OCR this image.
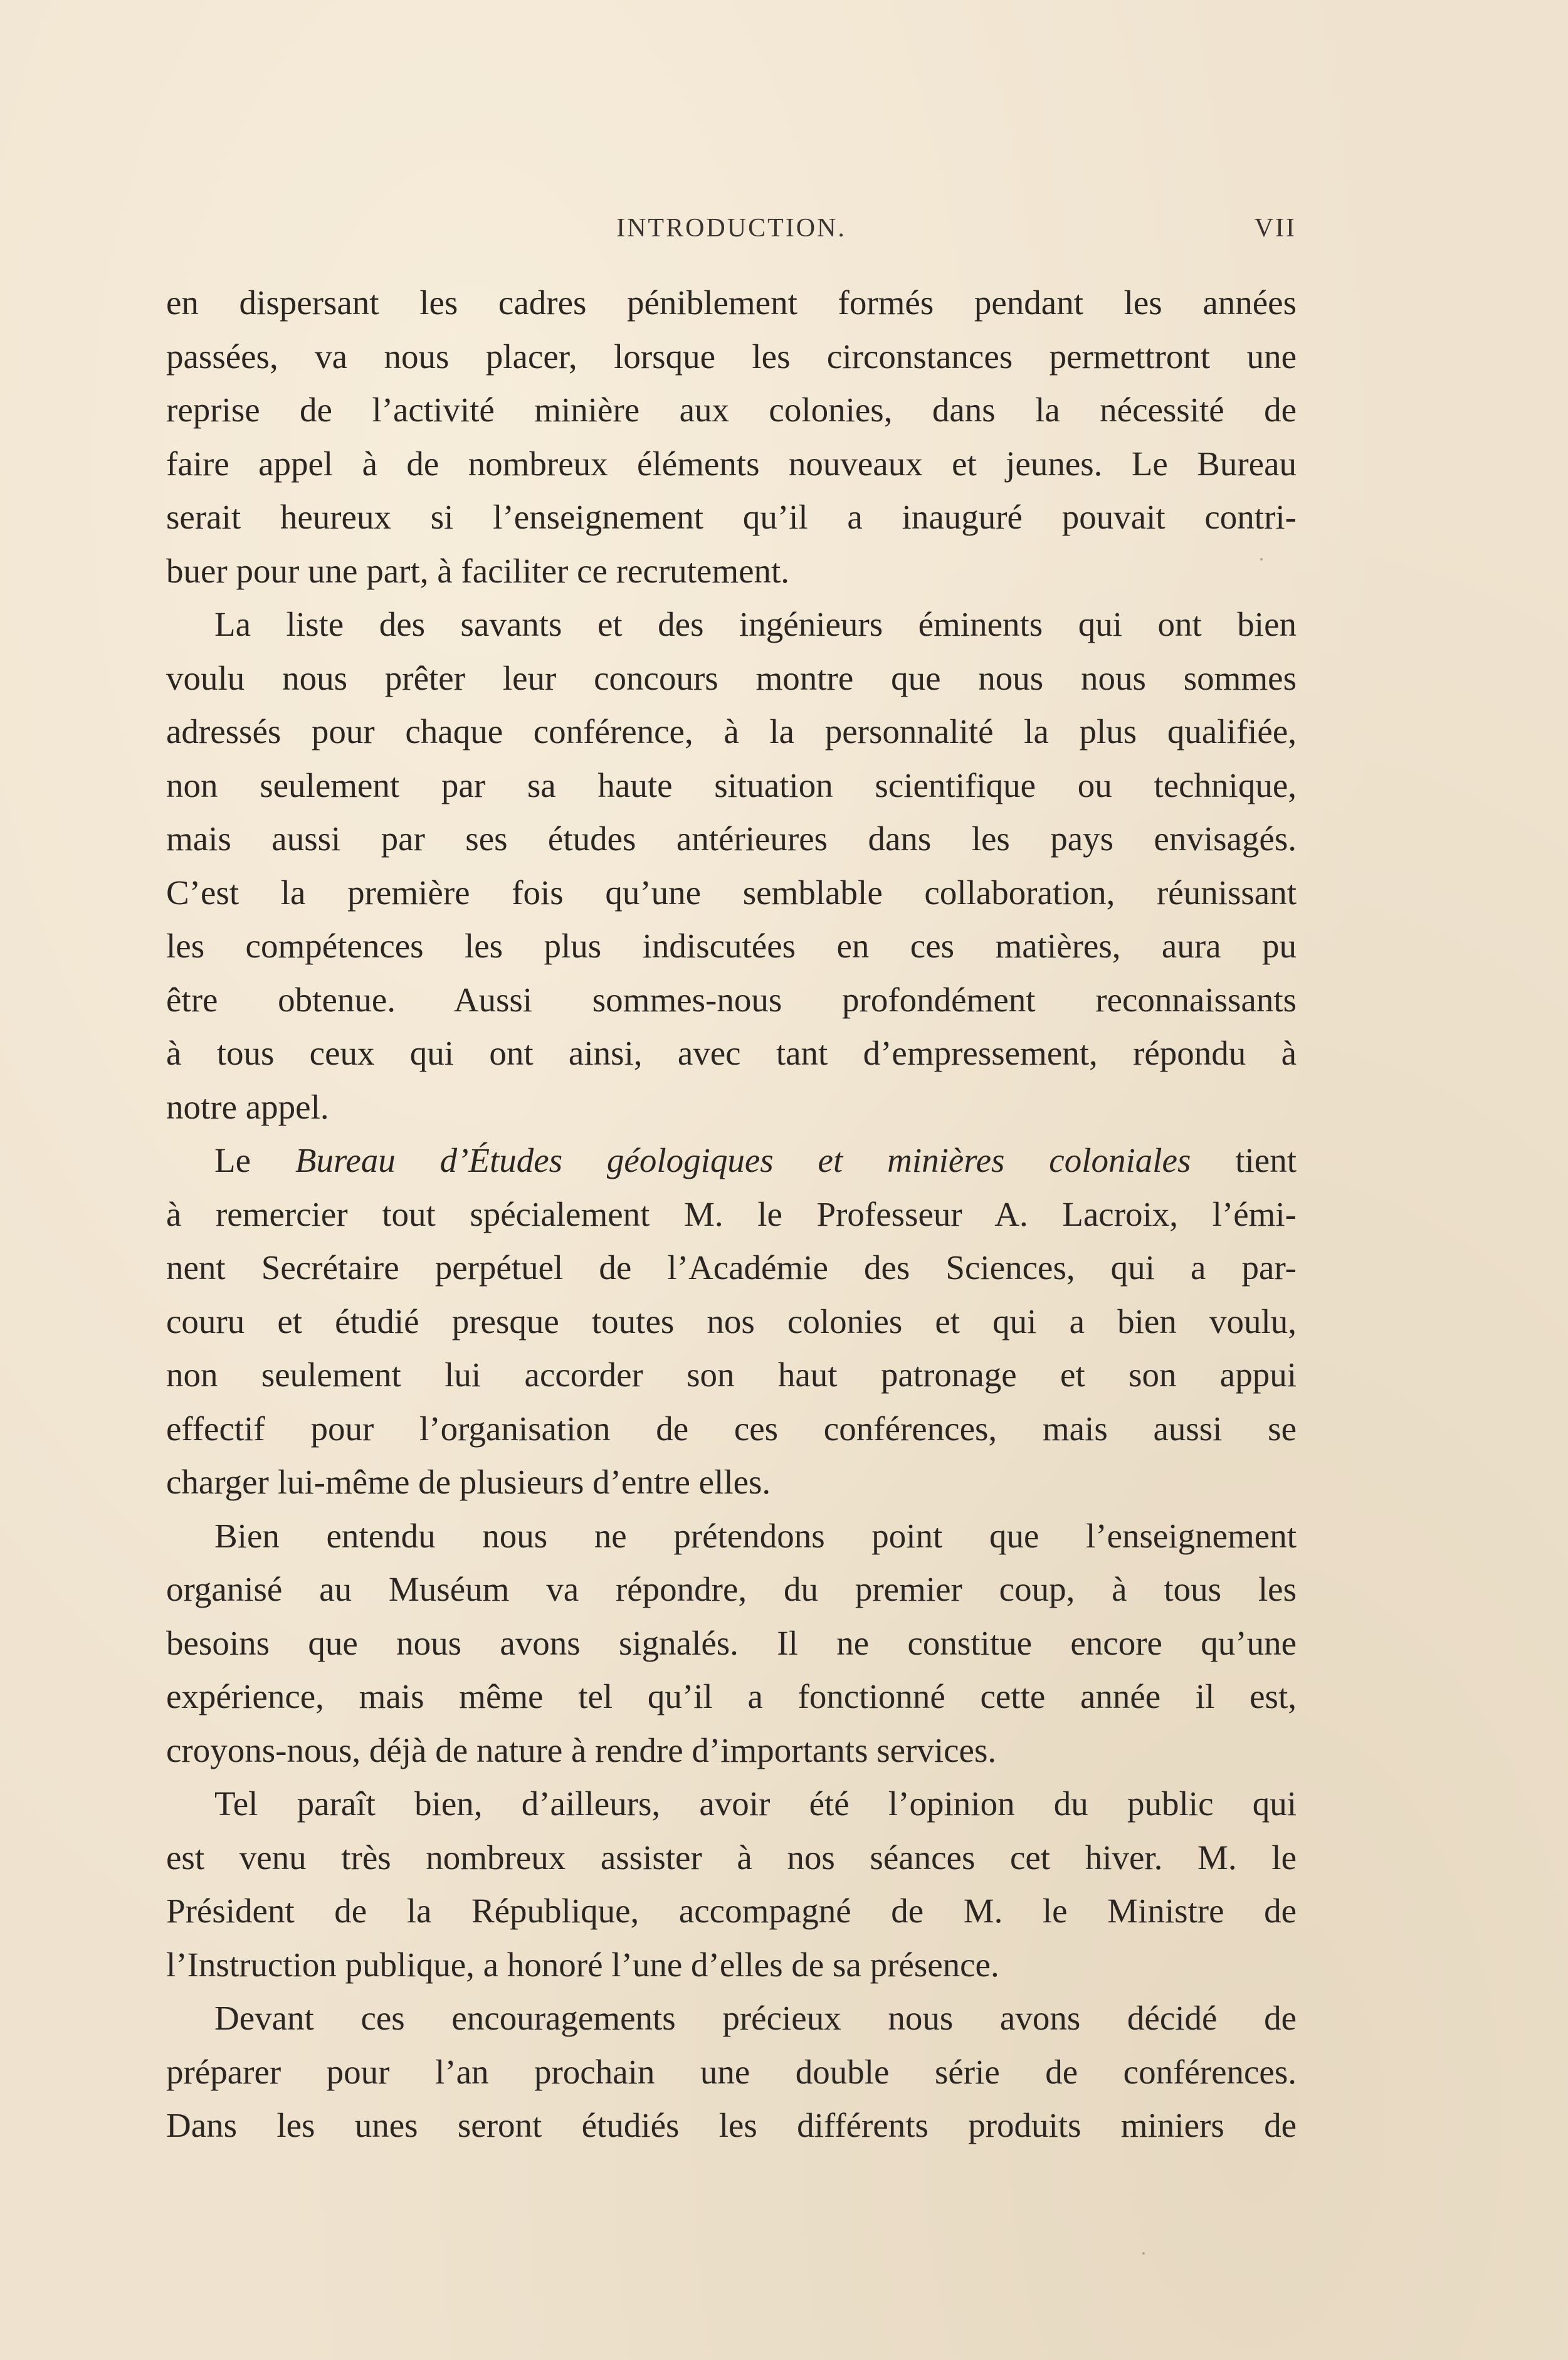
INTRODUCTION.	VII
en dispersant les cadres péniblement formés pendant les années
passées, va nous placer, lorsque les circonstances permettront une
reprise de l’activité minière aux colonies, dans la nécessité de
faire appel à de nombreux éléments nouveaux et jeunes. Le Bureau
serait heureux si l’enseignement qu’il a inauguré pouvait contri-
buer pour une part, à faciliter ce recrutement.
La liste des savants et des ingénieurs éminents qui ont bien
voulu nous prêter leur concours montre que nous nous sommes
adressés pour chaque conférence, à la personnalité la plus qualifiée,
non seulement par sa haute situation scientifique ou technique,
mais aussi par ses études antérieures dans les pays envisagés.
C’est la première fois qu’une semblable collaboration, réunissant
les compétences les plus indiscutées en ces matières, aura pu
être obtenue. Aussi sommes-nous profondément reconnaissants
à tous ceux qui ont ainsi, avec tant d’empressement, répondu à
notre appel.
Le Bureau d’Études géologiques et minières coloniales tient
à remercier tout spécialement M. le Professeur A. Lacroix, l’émi-
nent Secrétaire perpétuel de l’Académie des Sciences, qui a par-
couru et étudié presque toutes nos colonies et qui a bien voulu,
non seulement lui accorder son haut patronage et son appui
effectif pour l’organisation de ces conférences, mais aussi se
charger lui-même de plusieurs d’entre elles.
Bien entendu nous ne prétendons point que l’enseignement
organisé au Muséum va répondre, du premier coup, à tous les
besoins que nous avons signalés. Il ne constitue encore qu’une
expérience, mais même tel qu’il a fonctionné cette année il est,
croyons-nous, déjà de nature à rendre d’importants services.
Tel paraît bien, d’ailleurs, avoir été l’opinion du public qui
est venu très nombreux assister à nos séances cet hiver. M. le
Président de la République, accompagné de M. le Ministre de
l’Instruction publique, a honoré l’une d’elles de sa présence.
Devant ces encouragements précieux nous avons décidé de
préparer pour l’an prochain une double série de conférences.
Dans les unes seront étudiés les différents produits miniers de
